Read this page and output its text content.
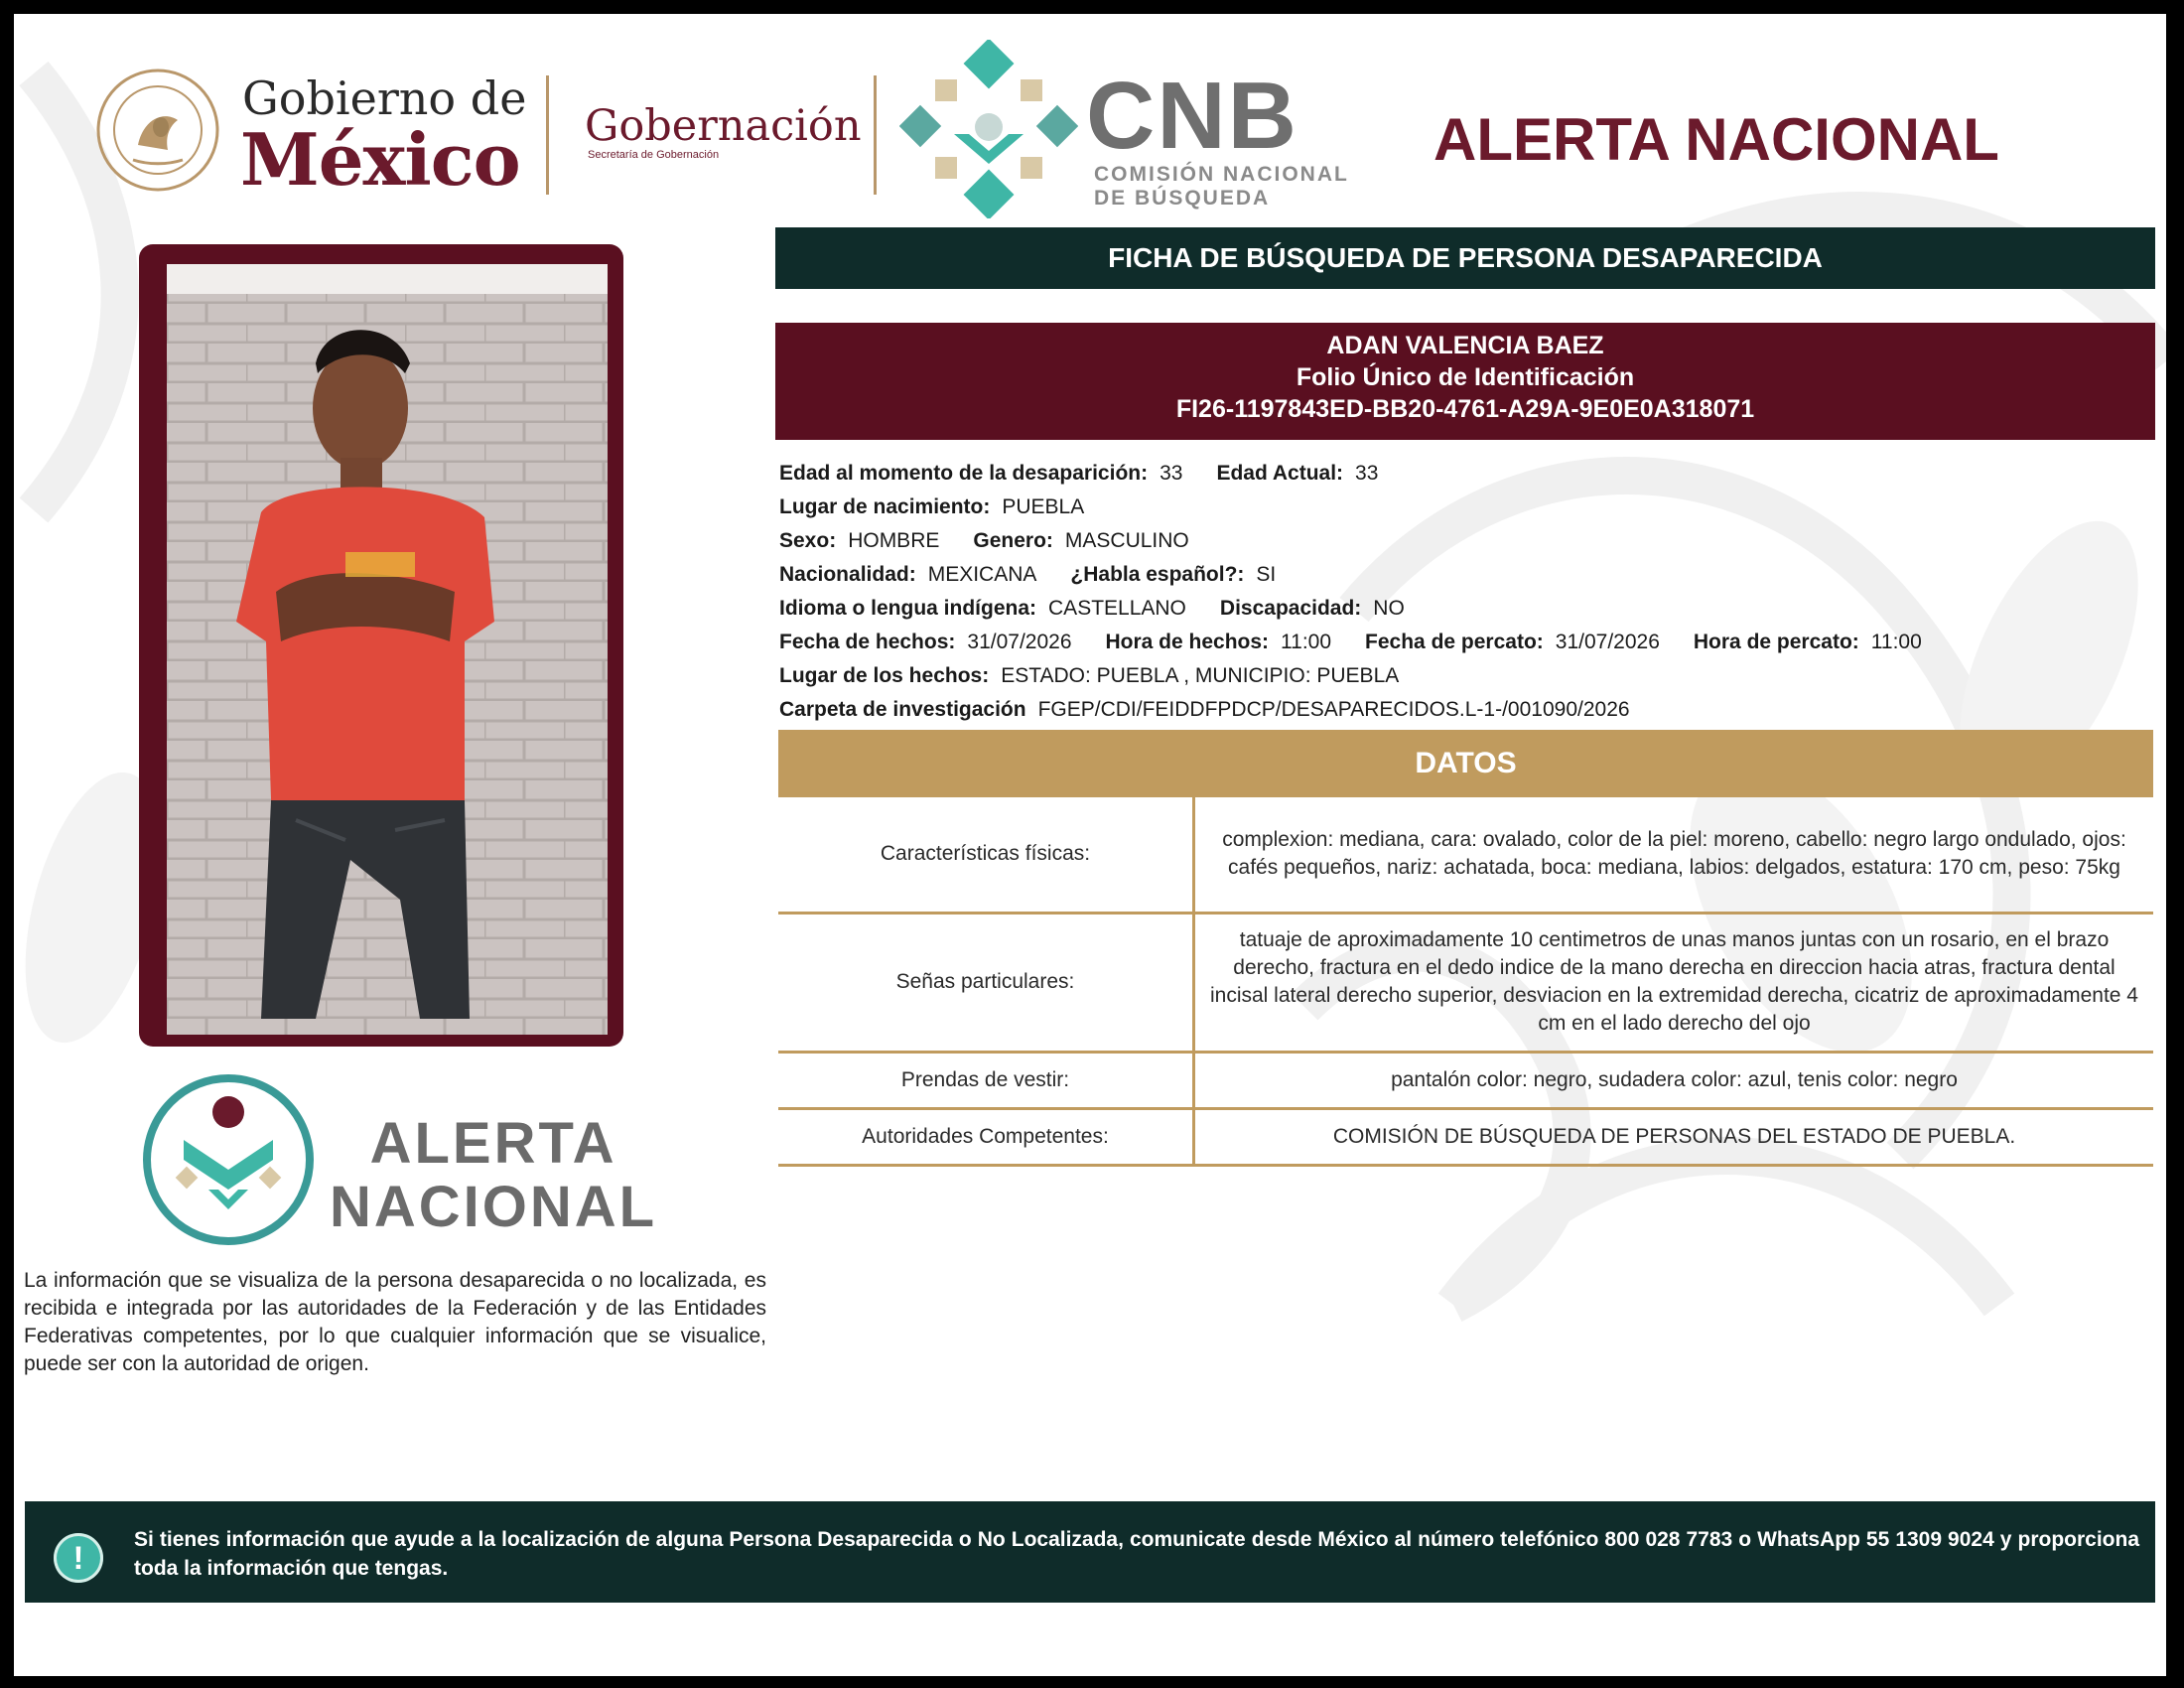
Gobierno de
México Gobernación
Secretaría de Gobernación	CNB
COMISIÓN NACIONAL
DE BÚSQUEDA
ALERTA NACIONAL
FICHA DE BÚSQUEDA DE PERSONA DESAPARECIDA
ADAN VALENCIA BAEZ
Folio Único de Identificación
FI26-1197843ED-BB20-4761-A29A-9E0E0A318071
Edad al momento de la desaparición: 33 Edad Actual: 33
Lugar de nacimiento: PUEBLA
Sexo: HOMBRE Genero: MASCULINO
Nacionalidad: MEXICANA ¿Habla español?: SI
Idioma o lengua indígena: CASTELLANO Discapacidad: NO
Fecha de hechos: 31/07/2026 Hora de hechos: 11:00 Fecha de percato: 31/07/2026 Hora de percato: 11:00
Lugar de los hechos: ESTADO: PUEBLA , MUNICIPIO: PUEBLA
Carpeta de investigación FGEP/CDI/FEIDDFPDCP/DESAPARECIDOS.L-1-/001090/2026
DATOS
Características físicas:	complexion: mediana, cara: ovalado, color de la piel: moreno, cabello: negro largo ondulado, ojos: cafés pequeños, nariz: achatada, boca: mediana, labios: delgados, estatura: 170 cm, peso: 75kg
Señas particulares:	tatuaje de aproximadamente 10 centimetros de unas manos juntas con un rosario, en el brazo derecho, fractura en el dedo indice de la mano derecha en direccion hacia atras, fractura dental incisal lateral derecho superior, desviacion en la extremidad derecha, cicatriz de aproximadamente 4 cm en el lado derecho del ojo
Prendas de vestir:	pantalón color: negro, sudadera color: azul, tenis color: negro
Autoridades Competentes:	COMISIÓN DE BÚSQUEDA DE PERSONAS DEL ESTADO DE PUEBLA.
ALERTA
NACIONAL
La información que se visualiza de la persona desaparecida o no localizada, es recibida e integrada por las autoridades de la Federación y de las Entidades Federativas competentes, por lo que cualquier información que se visualice, puede ser con la autoridad de origen.
!	Si tienes información que ayude a la localización de alguna Persona Desaparecida o No Localizada, comunicate desde México al número telefónico 800 028 7783 o WhatsApp 55 1309 9024 y proporciona toda la información que tengas.
